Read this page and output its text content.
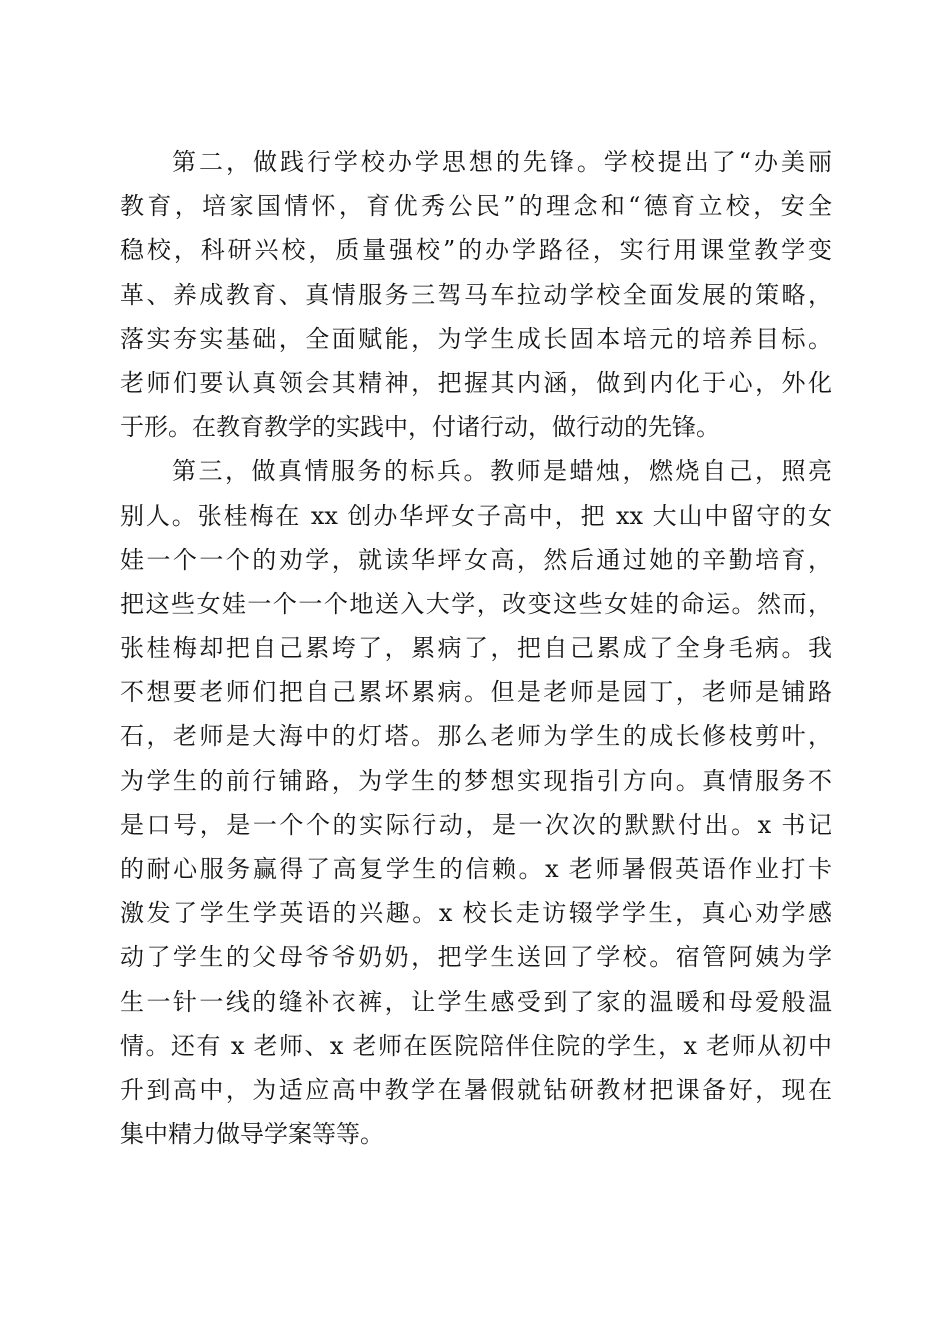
第二，做践行学校办学思想的先锋。学校提出了“办美丽

教育，培家国情怀，育优秀公民”的理念和“德育立校，安全

稳校，科研兴校，质量强校”的办学路径，实行用课堂教学变

革、养成教育、真情服务三驾马车拉动学校全面发展的策略，

落实夯实基础，全面赋能，为学生成长固本培元的培养目标。

老师们要认真领会其精神，把握其内涵，做到内化于心，外化

于形。在教育教学的实践中，付诸行动，做行动的先锋。

第三，做真情服务的标兵。教师是蜡烛，燃烧自己，照亮

别人。张桂梅在 xx 创办华坪女子高中，把 xx 大山中留守的女

娃一个一个的劝学，就读华坪女高，然后通过她的辛勤培育，

把这些女娃一个一个地送入大学，改变这些女娃的命运。然而，

张桂梅却把自己累垮了，累病了，把自己累成了全身毛病。我

不想要老师们把自己累坏累病。但是老师是园丁，老师是铺路

石，老师是大海中的灯塔。那么老师为学生的成长修枝剪叶，

为学生的前行铺路，为学生的梦想实现指引方向。真情服务不

是口号，是一个个的实际行动，是一次次的默默付出。x 书记

的耐心服务赢得了高复学生的信赖。x 老师暑假英语作业打卡

激发了学生学英语的兴趣。x 校长走访辍学学生，真心劝学感

动了学生的父母爷爷奶奶，把学生送回了学校。宿管阿姨为学

生一针一线的缝补衣裤，让学生感受到了家的温暖和母爱般温

情。还有 x 老师、x 老师在医院陪伴住院的学生，x 老师从初中

升到高中，为适应高中教学在暑假就钻研教材把课备好，现在

集中精力做导学案等等。
